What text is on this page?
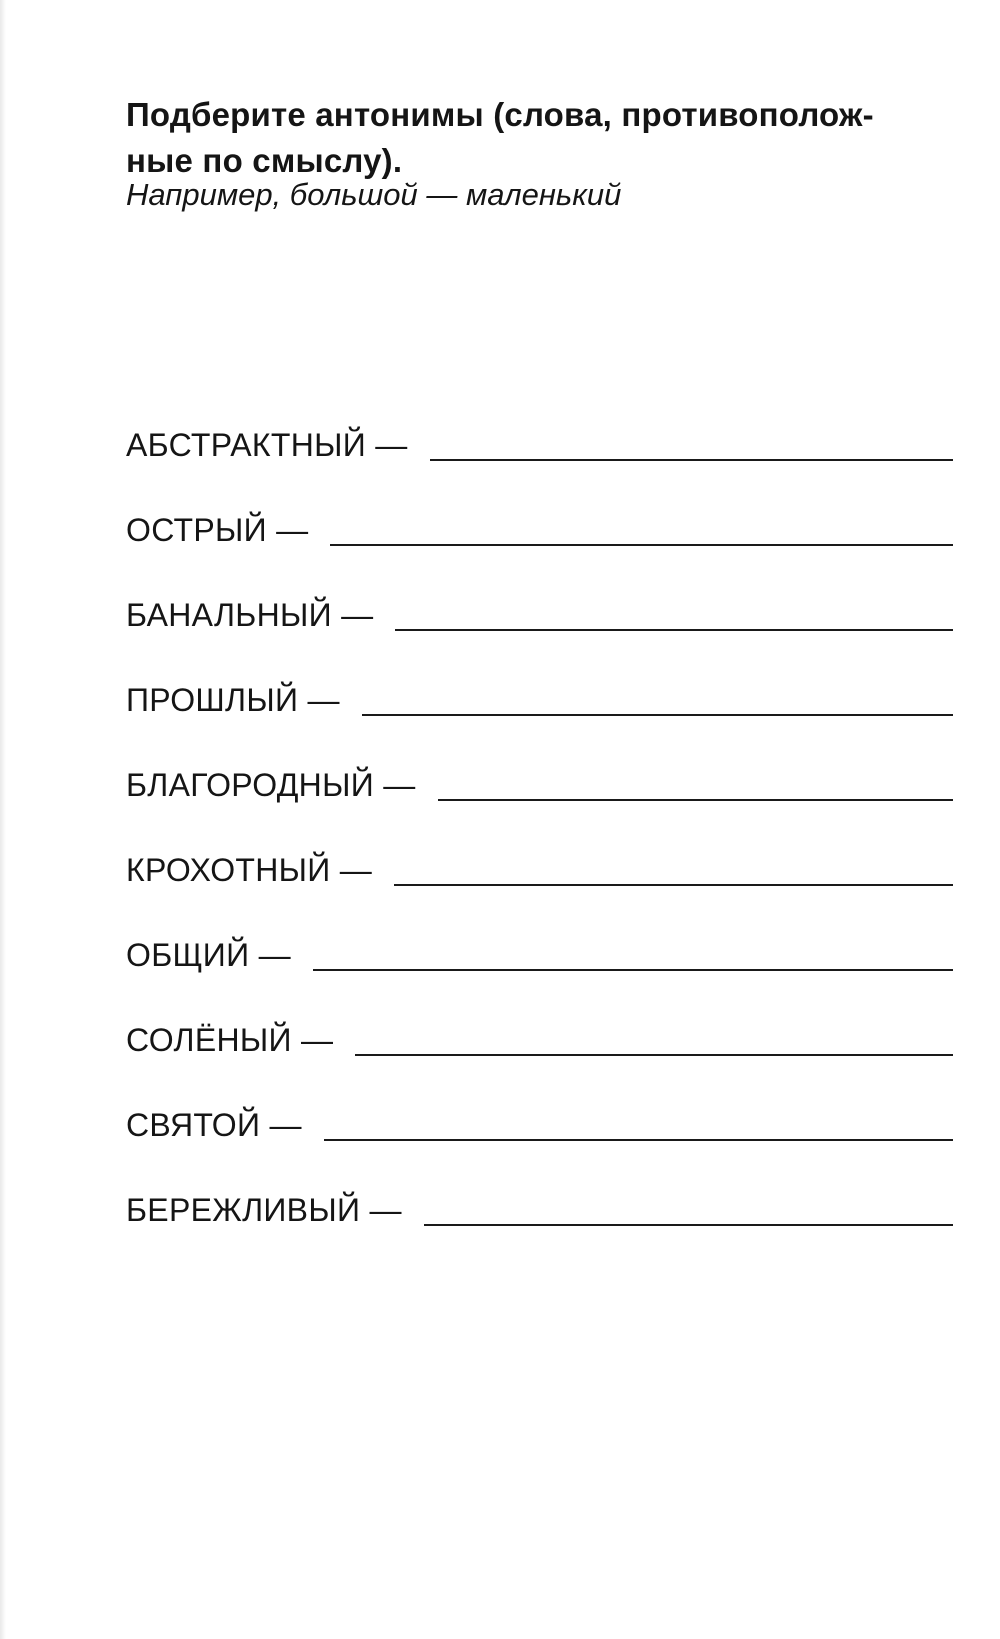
Подберите антонимы (слова, противополож-
ные по смыслу).
Например, большой — маленький
АБСТРАКТНЫЙ —
ОСТРЫЙ —
БАНАЛЬНЫЙ —
ПРОШЛЫЙ —
БЛАГОРОДНЫЙ —
КРОХОТНЫЙ —
ОБЩИЙ —
СОЛЁНЫЙ —
СВЯТОЙ —
БЕРЕЖЛИВЫЙ —
